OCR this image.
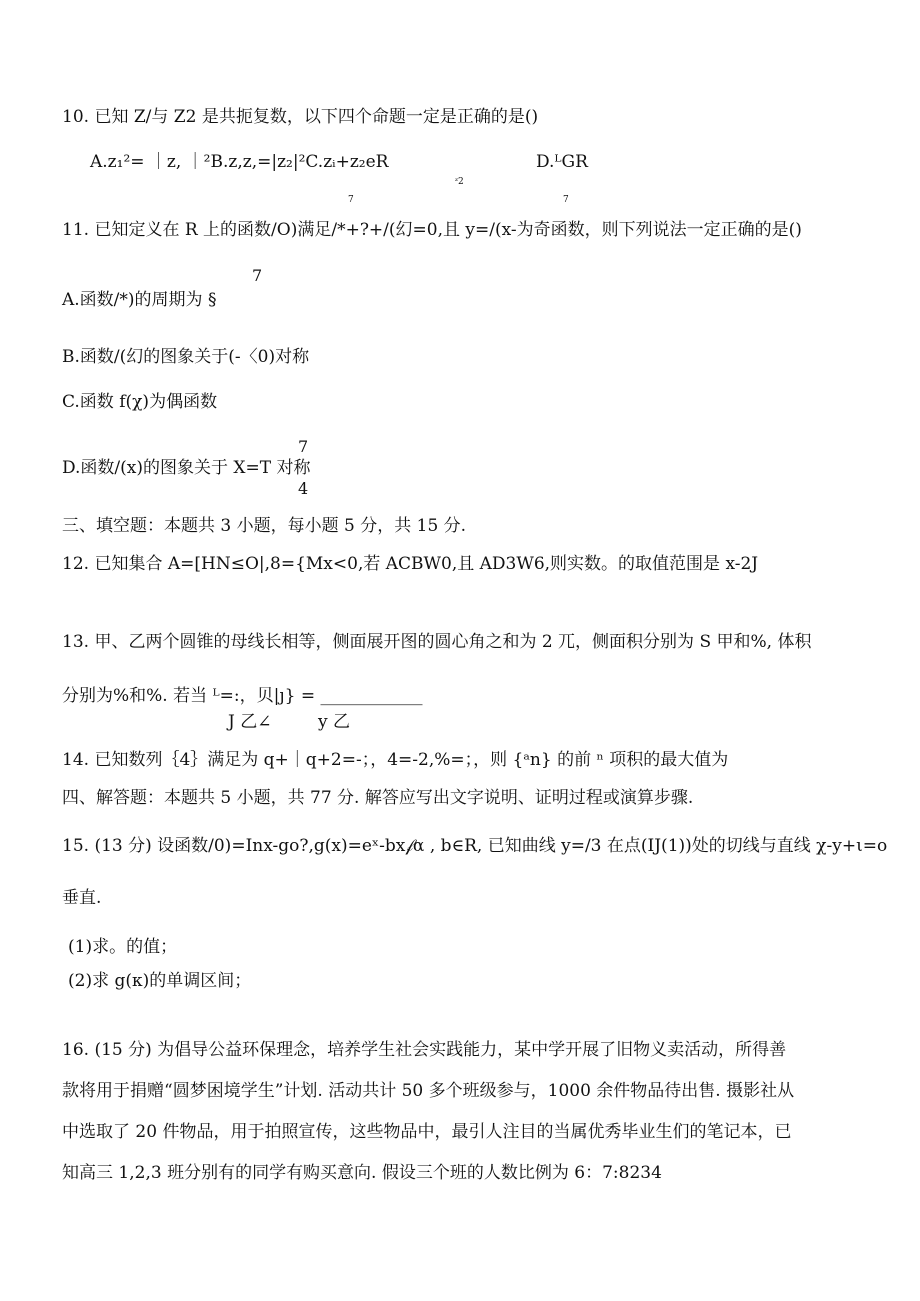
10. 已知 Z/与 Z2 是共扼复数，以下四个命题一定是正确的是()
A.z₁²= ｜z, ｜²B.z,z,=|z₂|²C.zᵢ+z₂eR	D.ᴸGR
7
ᶻ2
7
11. 已知定义在 R 上的函数/O)满足/*+?+/(幻=0,且 y=/(x-为奇函数，则下列说法一定正确的是()
7
A.函数/*)的周期为 §
B.函数/(幻的图象关于(-〈0)对称
C.函数 f(χ)为偶函数
7
D.函数/(x)的图象关于 X=T 对称
4
三、填空题：本题共 3 小题，每小题 5 分，共 15 分.
12. 已知集合 A=[HN≤O|,8={Mx<0,若 ACBW0,且 AD3W6,则实数。的取值范围是 x-2J
13. 甲、乙两个圆锥的母线长相等，侧面展开图的圆心角之和为 2 兀，侧面积分别为 S 甲和%, 体积
分别为%和%. 若当 ᴸ=:，贝|ȷ} = ____________
J 乙∠	y 乙
14. 已知数列｛4｝满足为 q+｜q+2=-；，4=-2,%=；，则 {ᵃn} 的前 ⁿ 项积的最大值为
四、解答题：本题共 5 小题，共 77 分. 解答应写出文字说明、证明过程或演算步骤.
15. (13 分) 设函数/0)=Inx-go?,g(x)=eˣ-bx𝒻α , b∈R, 已知曲线 y=/3 在点(IJ(1))处的切线与直线 χ-y+ι=o
垂直.
(1)求。的值；
(2)求 g(κ)的单调区间；
16. (15 分) 为倡导公益环保理念，培养学生社会实践能力，某中学开展了旧物义卖活动，所得善
款将用于捐赠“圆梦困境学生”计划. 活动共计 50 多个班级参与，1000 余件物品待出售. 摄影社从
中选取了 20 件物品，用于拍照宣传，这些物品中，最引人注目的当属优秀毕业生们的笔记本，已
知高三 1,2,3 班分别有的同学有购买意向. 假设三个班的人数比例为 6：7:8234
